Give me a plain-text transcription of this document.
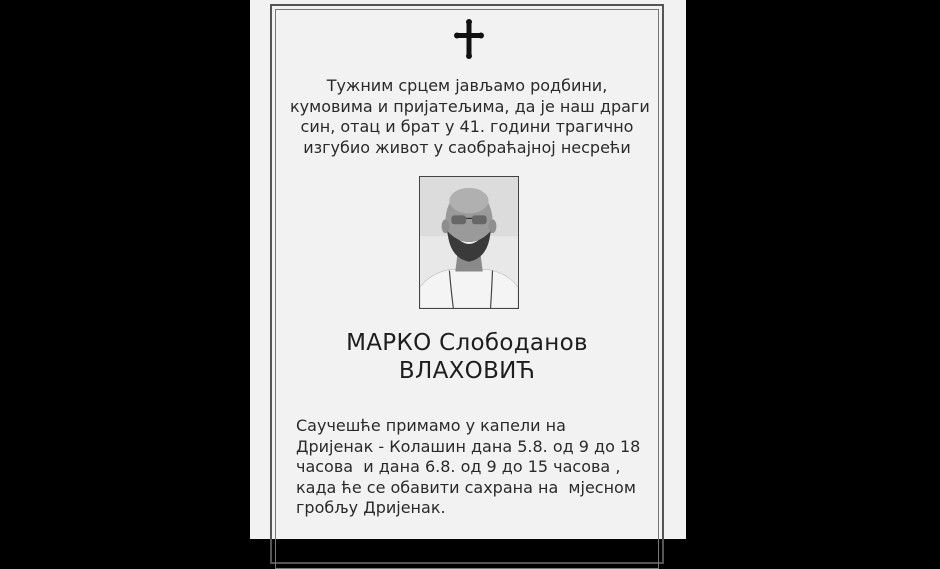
Тужним срцем јављамо родбини,
кумовима и пријатељима, да је наш драги
син, отац и брат у 41. години трагично
изгубио живот у саобраћајној несрећи
МАРКО Слободанов
ВЛАХОВИЋ
Саучешће примамо у капели на
Дријенак - Колашин дана 5.8. од 9 до 18
часова  и дана 6.8. од 9 до 15 часова ,
када ће се обавити сахрана на  мјесном
гробљу Дријенак.
